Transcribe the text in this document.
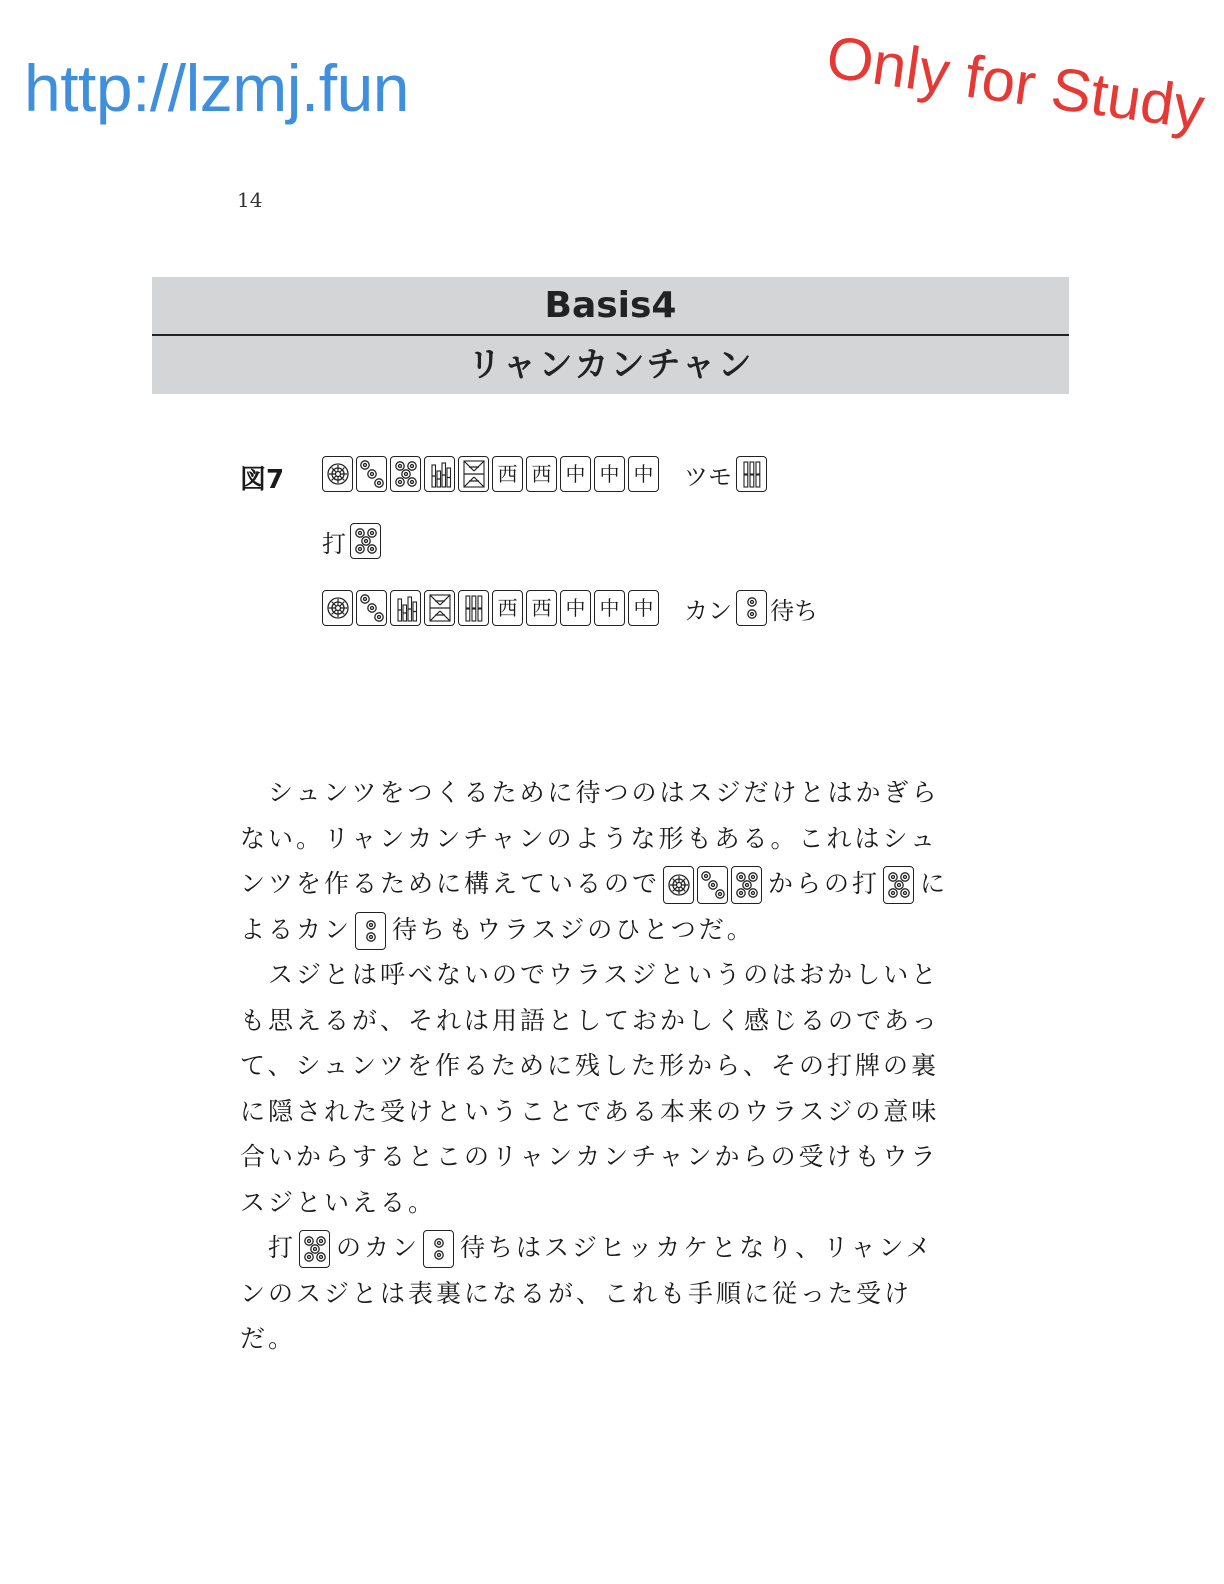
http://lzmj.fun	Only for Study
14
Basis4
リャンカンチャン
図7	西 西 中 中 中 ツモ
打
西 西 中 中 中 カン 待ち

シュンツをつくるために待つのはスジだけとはかぎらない。リャンカンチャンのような形もある。これはシュンツを作るために構えているので	からの打 によるカン 待ちもウラスジのひとつだ。

スジとは呼べないのでウラスジというのはおかしいとも思えるが、それは用語としておかしく感じるのであって、シュンツを作るために残した形から、その打牌の裏に隠された受けということである本来のウラスジの意味合いからするとこのリャンカンチャンからの受けもウラスジといえる。

打 のカン 待ちはスジヒッカケとなり、リャンメンのスジとは表裏になるが、これも手順に従った受けだ。
